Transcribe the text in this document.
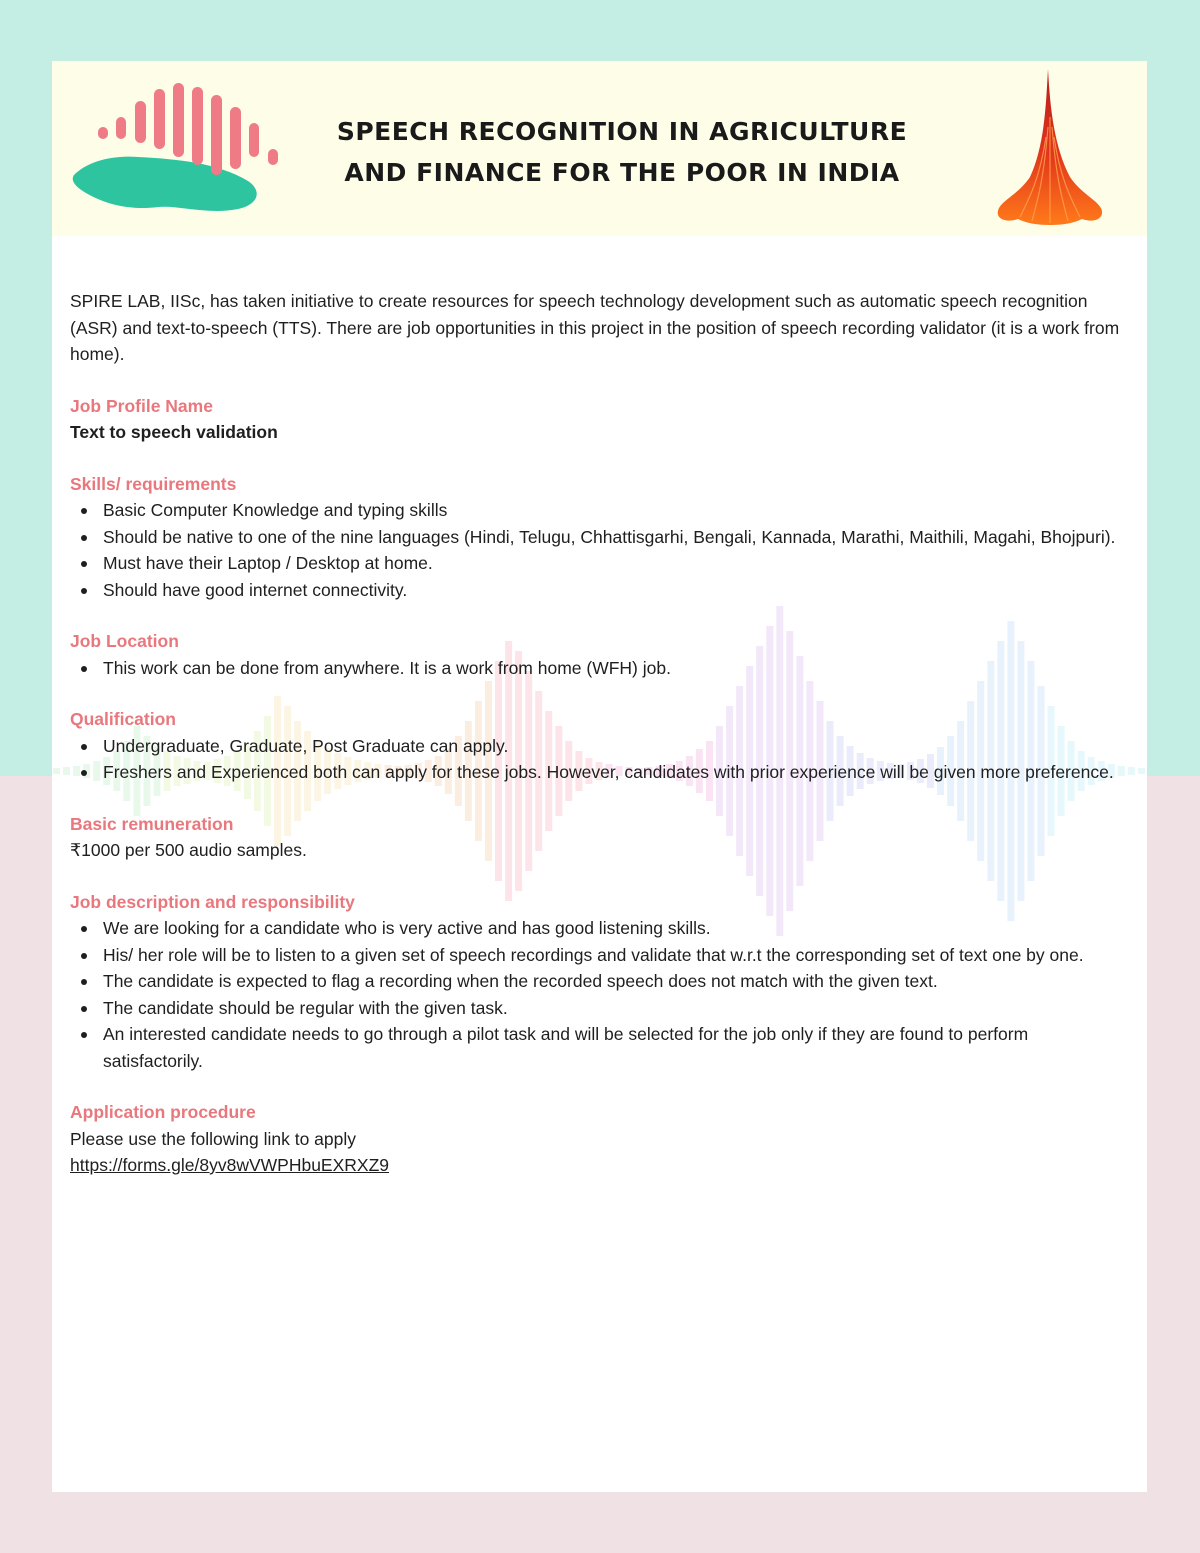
SPEECH RECOGNITION IN AGRICULTURE
AND FINANCE FOR THE POOR IN INDIA

SPIRE LAB, IISc, has taken initiative to create resources for speech technology development such as automatic speech recognition (ASR) and text-to-speech (TTS). There are job opportunities in this project in the position of speech recording validator (it is a work from home).

Job Profile Name

Text to speech validation

Skills/ requirements

Basic Computer Knowledge and typing skills
Should be native to one of the nine languages (Hindi, Telugu, Chhattisgarhi, Bengali, Kannada, Marathi, Maithili, Magahi, Bhojpuri).
Must have their Laptop / Desktop at home.
Should have good internet connectivity.

Job Location

This work can be done from anywhere. It is a work from home (WFH) job.

Qualification

Undergraduate, Graduate, Post Graduate can apply.
Freshers and Experienced both can apply for these jobs. However, candidates with prior experience will be given more preference.

Basic remuneration

₹1000 per 500 audio samples.

Job description and responsibility

We are looking for a candidate who is very active and has good listening skills.
His/ her role will be to listen to a given set of speech recordings and validate that w.r.t the corresponding set of text one by one.
The candidate is expected to flag a recording when the recorded speech does not match with the given text.
The candidate should be regular with the given task.
An interested candidate needs to go through a pilot task and will be selected for the job only if they are found to perform satisfactorily.

Application procedure

Please use the following link to apply

https://forms.gle/8yv8wVWPHbuEXRXZ9
